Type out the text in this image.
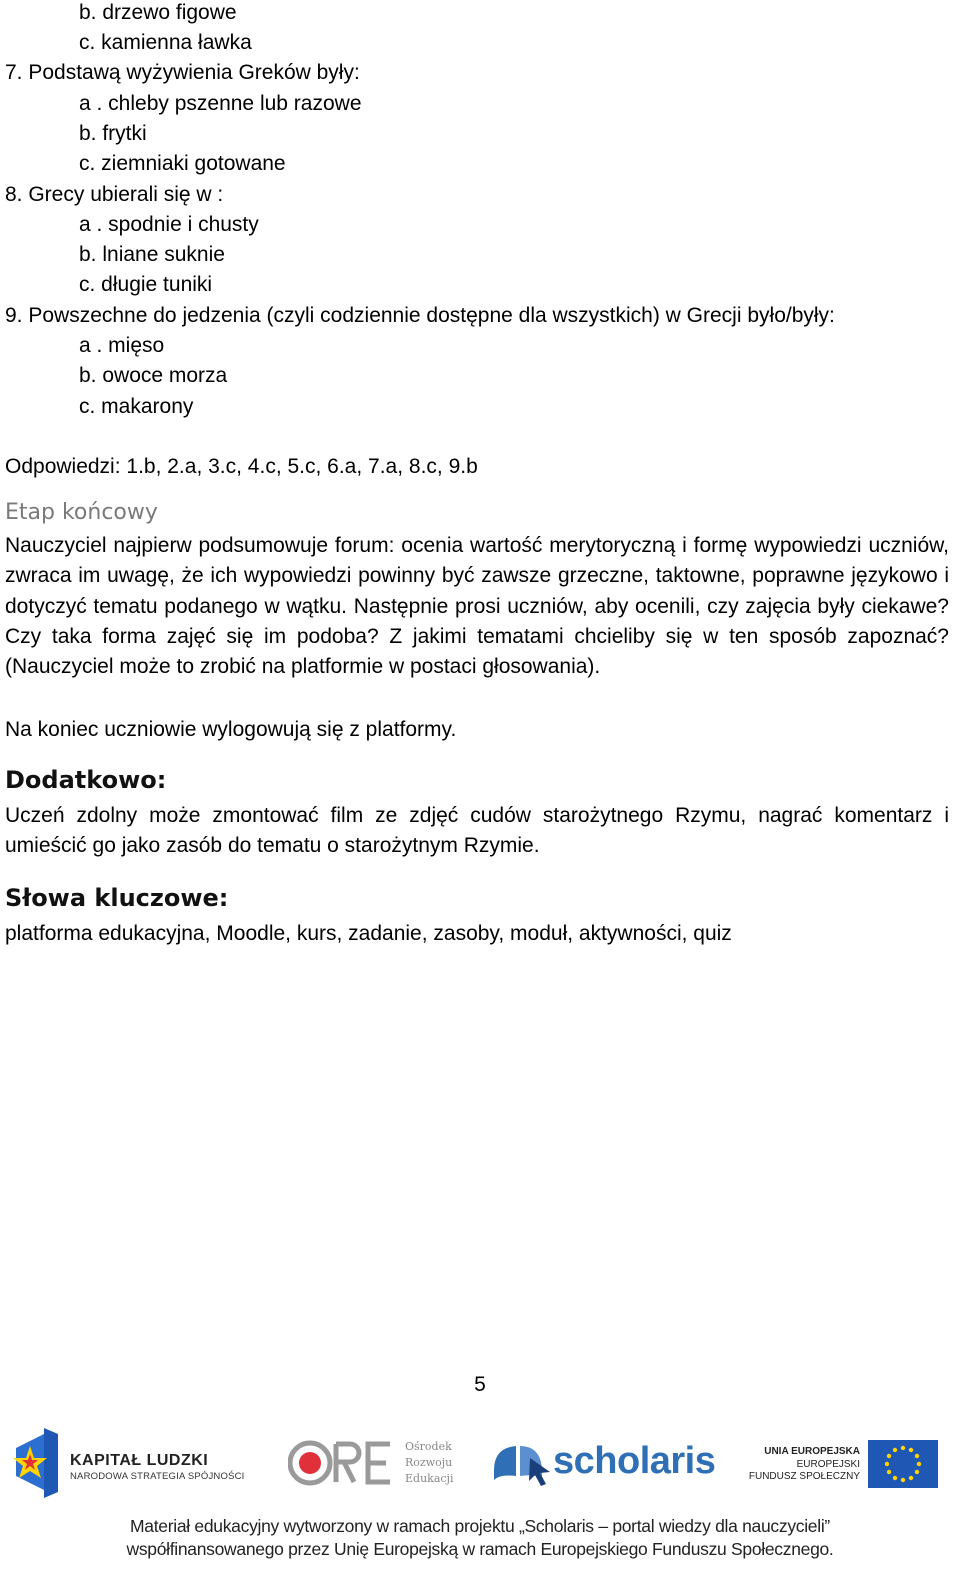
b. drzewo figowe
c. kamienna ławka
7. Podstawą wyżywienia Greków były:
a . chleby pszenne lub razowe
b. frytki
c. ziemniaki gotowane
8. Grecy ubierali się w :
a . spodnie i chusty
b. lniane suknie
c. długie tuniki
9. Powszechne do jedzenia (czyli codziennie dostępne dla wszystkich) w Grecji było/były:
a . mięso
b. owoce morza
c. makarony
Odpowiedzi: 1.b, 2.a, 3.c, 4.c, 5.c, 6.a, 7.a, 8.c, 9.b
Etap końcowy
Nauczyciel najpierw podsumowuje forum: ocenia wartość merytoryczną i formę wypowiedzi uczniów, zwraca im uwagę, że ich wypowiedzi powinny być zawsze grzeczne, taktowne, poprawne językowo i dotyczyć tematu podanego w wątku. Następnie prosi uczniów, aby ocenili, czy zajęcia były ciekawe? Czy taka forma zajęć się im podoba? Z jakimi tematami chcieliby się w ten sposób zapoznać? (Nauczyciel może to zrobić na platformie w postaci głosowania).
Na koniec uczniowie wylogowują się z platformy.
Dodatkowo:
Uczeń zdolny może zmontować film ze zdjęć cudów starożytnego Rzymu, nagrać komentarz i umieścić go jako zasób do tematu o starożytnym Rzymie.
Słowa kluczowe:
platforma edukacyjna, Moodle, kurs, zadanie, zasoby, moduł, aktywności, quiz
5
KAPITAŁ LUDZKI
NARODOWA STRATEGIA SPÓJNOŚCI
Ośrodek
Rozwoju
Edukacji	scholaris	UNIA EUROPEJSKA
EUROPEJSKI
FUNDUSZ SPOŁECZNY
Materiał edukacyjny wytworzony w ramach projektu „Scholaris – portal wiedzy dla nauczycieli”
współfinansowanego przez Unię Europejską w ramach Europejskiego Funduszu Społecznego.
